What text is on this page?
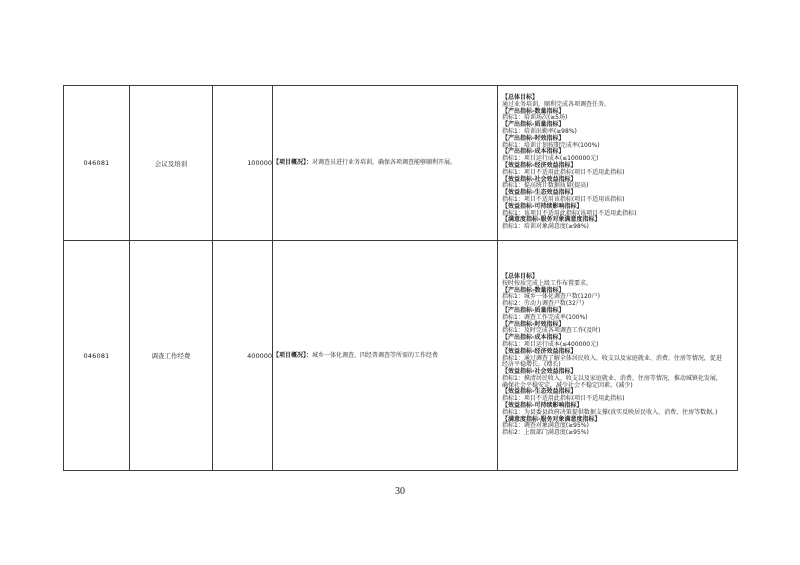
046081	会议及培训	100000	【项目概况】：对调查员进行业务培训，确保各项调查能够顺利开展。	
【总体目标】
通过业务培训，顺利完成各项调查任务。
【产出指标-数量指标】
指标1：培训场次(≥5场)
【产出指标-质量指标】
指标1：培训出勤率(≥98%)
【产出指标-时效指标】
指标1：培训计划按期完成率(100%)
【产出指标-成本指标】
指标1：项目运行成本(≤100000元)
【效益指标-经济效益指标】
指标1：项目不适用此指标(项目不适用此指标)
【效益指标-社会效益指标】
指标1：提高统计数据质量(提高)
【效益指标-生态效益指标】
指标1：项目不适用该指标(项目不适用该指标)
【效益指标-可持续影响指标】
指标1：该项目不适用此指标(该项目不适用此指标)
【满意度指标-服务对象满意度指标】
指标1：培训对象满意度(≥98%)

046081	调查工作经费	400000	【项目概况】：城乡一体化调查、四经普调查等所需的工作经费	
【总体目标】
按时按质完成上级工作布置要求。
【产出指标-数量指标】
指标1：城乡一体化调查户数(120户)
指标2：劳动力调查户数(32户)
【产出指标-质量指标】
指标1：调查工作完成率(100%)
【产出指标-时效指标】
指标1：及时完成各项调查工作(及时)
【产出指标-成本指标】
指标1：项目运行成本(≤400000元)
【效益指标-经济效益指标】
指标1：通过调查了解全体居民收入、收支以及家庭就业、消费、住房等情况，促进经济平稳增长。(增长)
【效益指标-社会效益指标】
指标1：摸清居民收入、收支以及家庭就业、消费、住房等情况，推动城镇化发展，确保社会平稳安定，减少社会不稳定因素。(减少)
【效益指标-生态效益指标】
指标1：项目不适用此指标(项目不适用此指标)
【效益指标-可持续影响指标】
指标1：为县委县政府决策提供数据支撑(真实反映居民收入、消费、住房等数据。)
【满意度指标-服务对象满意度指标】
指标1：调查对象满意度(≥95%)
指标2：上级部门满意度(≥95%)
30
